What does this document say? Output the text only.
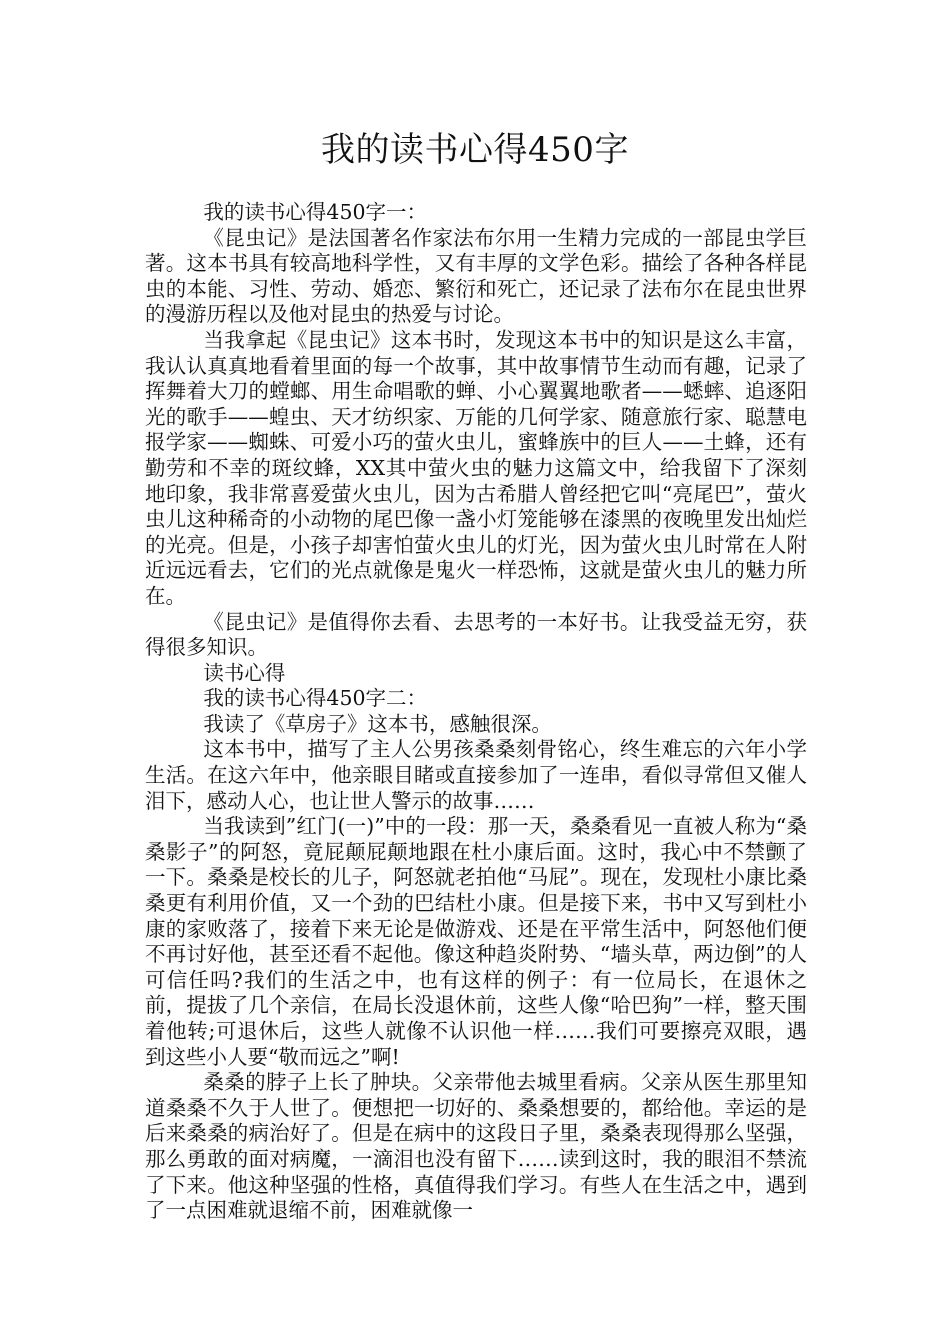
我的读书心得450字

我的读书心得450字一：

《昆虫记》是法国著名作家法布尔用一生精力完成的一部昆虫学巨著。这本书具有较高地科学性，又有丰厚的文学色彩。描绘了各种各样昆虫的本能、习性、劳动、婚恋、繁衍和死亡，还记录了法布尔在昆虫世界的漫游历程以及他对昆虫的热爱与讨论。

当我拿起《昆虫记》这本书时，发现这本书中的知识是这么丰富，我认认真真地看着里面的每一个故事，其中故事情节生动而有趣，记录了挥舞着大刀的螳螂、用生命唱歌的蝉、小心翼翼地歌者——蟋蟀、追逐阳光的歌手——蝗虫、天才纺织家、万能的几何学家、随意旅行家、聪慧电报学家——蜘蛛、可爱小巧的萤火虫儿，蜜蜂族中的巨人——土蜂，还有勤劳和不幸的斑纹蜂，XX其中萤火虫的魅力这篇文中，给我留下了深刻地印象，我非常喜爱萤火虫儿，因为古希腊人曾经把它叫“亮尾巴”，萤火虫儿这种稀奇的小动物的尾巴像一盏小灯笼能够在漆黑的夜晚里发出灿烂的光亮。但是，小孩子却害怕萤火虫儿的灯光，因为萤火虫儿时常在人附近远远看去，它们的光点就像是鬼火一样恐怖，这就是萤火虫儿的魅力所在。

《昆虫记》是值得你去看、去思考的一本好书。让我受益无穷，获得很多知识。

读书心得

我的读书心得450字二：

我读了《草房子》这本书，感触很深。

这本书中，描写了主人公男孩桑桑刻骨铭心，终生难忘的六年小学生活。在这六年中，他亲眼目睹或直接参加了一连串，看似寻常但又催人泪下，感动人心，也让世人警示的故事……

当我读到”红门(一)”中的一段：那一天，桑桑看见一直被人称为“桑桑影子”的阿怒，竟屁颠屁颠地跟在杜小康后面。这时，我心中不禁颤了一下。桑桑是校长的儿子，阿怒就老拍他“马屁”。现在，发现杜小康比桑桑更有利用价值，又一个劲的巴结杜小康。但是接下来，书中又写到杜小康的家败落了，接着下来无论是做游戏、还是在平常生活中，阿怒他们便不再讨好他，甚至还看不起他。像这种趋炎附势、“墙头草，两边倒”的人可信任吗?我们的生活之中，也有这样的例子：有一位局长，在退休之前，提拔了几个亲信，在局长没退休前，这些人像“哈巴狗”一样，整天围着他转;可退休后，这些人就像不认识他一样……我们可要擦亮双眼，遇到这些小人要“敬而远之”啊!

桑桑的脖子上长了肿块。父亲带他去城里看病。父亲从医生那里知道桑桑不久于人世了。便想把一切好的、桑桑想要的，都给他。幸运的是后来桑桑的病治好了。但是在病中的这段日子里，桑桑表现得那么坚强，那么勇敢的面对病魔，一滴泪也没有留下……读到这时，我的眼泪不禁流了下来。他这种坚强的性格，真值得我们学习。有些人在生活之中，遇到了一点困难就退缩不前，困难就像一
